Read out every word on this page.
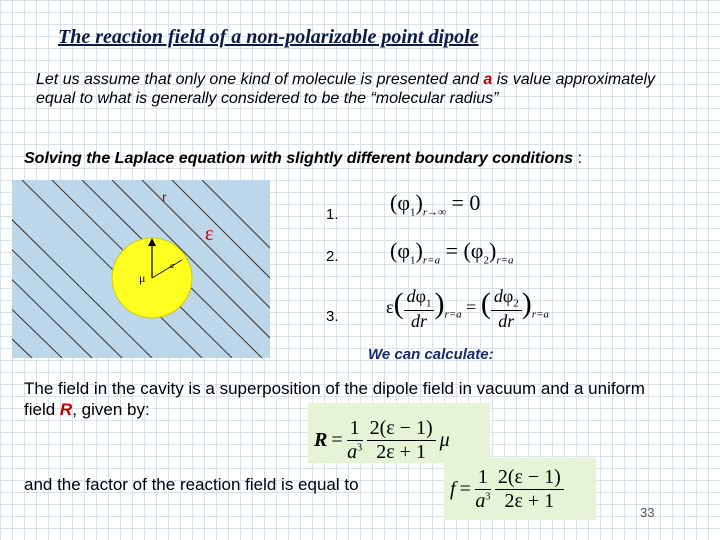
The reaction field of a non-polarizable point dipole
Let us assume that only one kind of molecule is presented and a is value approximately equal to what is generally considered to be the “molecular radius”
Solving the Laplace equation with slightly different boundary conditions :
μ
a
ε
r
1. $(\varphi_1)_{r\to\infty} = 0$
2. $(\varphi_1)_{r=a} = (\varphi_2)_{r=a}$
3.	$\varepsilon( \frac{d\varphi_1}{dr} )_{r=a}$ = ( $\frac{d\varphi_2}{dr} )_{r=a}$
We can calculate:
The field in the cavity is a superposition of the dipole field in vacuum and a uniform field R, given by:
$R = \frac{1}{a^3} \frac{2(\varepsilon - 1)}{2\varepsilon + 1}$ μ
and the factor of the reaction field is equal to	$f = \frac{1}{a^3} \frac{2(\varepsilon - 1)}{2\varepsilon + 1}$	33
